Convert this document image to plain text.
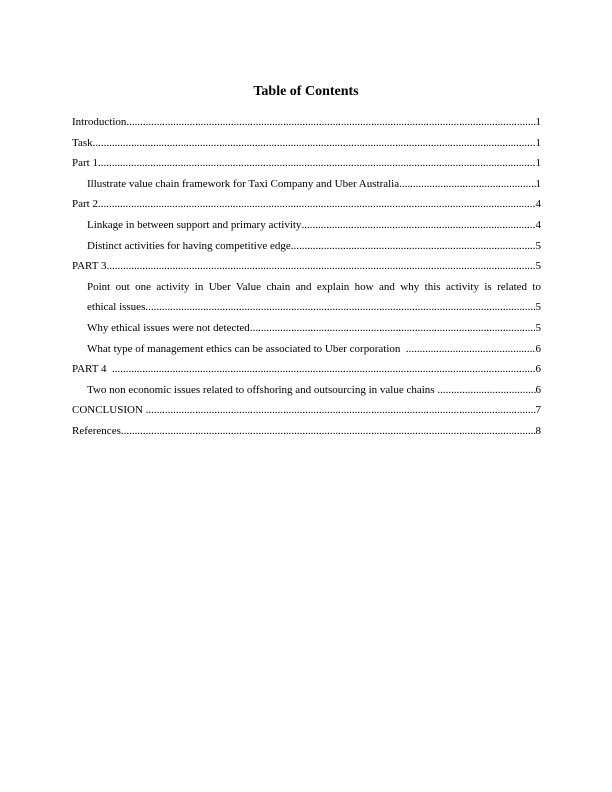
Table of Contents
Introduction .....	1
Task .....	1
Part 1 .....	1
Illustrate value chain framework for Taxi Company and Uber Australia .....	1
Part 2 .....	4
Linkage in between support and primary activity .....	4
Distinct activities for having competitive edge .....	5
PART 3 .....	5
Point out one activity in Uber Value chain and explain how and why this activity is related to
ethical issues .....	5
Why ethical issues were not detected .....	5
What type of management ethics can be associated to Uber corporation .....	6
PART 4 .....	6
Two non economic issues related to offshoring and outsourcing in value chains .....	6
CONCLUSION .....	7
References .....	8
